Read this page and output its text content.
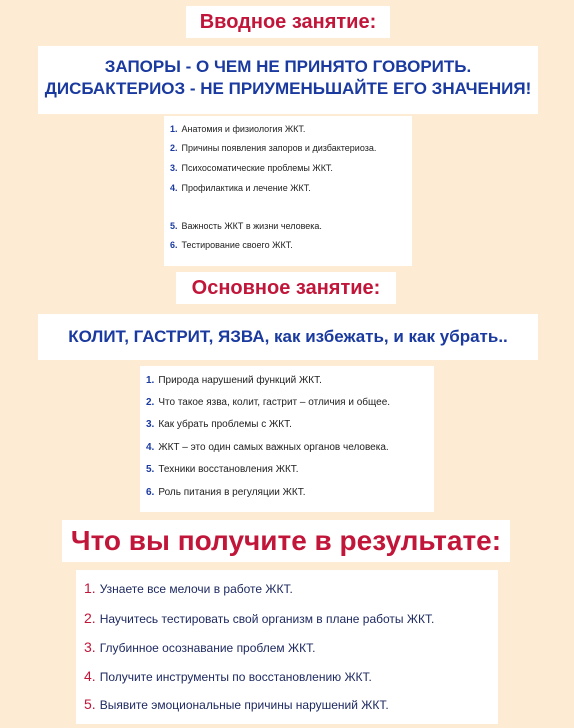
Вводное занятие:
ЗАПОРЫ - О ЧЕМ НЕ ПРИНЯТО ГОВОРИТЬ.
ДИСБАКТЕРИОЗ - НЕ ПРИУМЕНЬШАЙТЕ ЕГО ЗНАЧЕНИЯ!
1. Анатомия и физиология ЖКТ.
2. Причины появления запоров и дизбактериоза.
3. Психосоматические проблемы ЖКТ.
4. Профилактика и лечение ЖКТ.
5. Важность ЖКТ в жизни человека.
6. Тестирование своего ЖКТ.
Основное занятие:
КОЛИТ, ГАСТРИТ, ЯЗВА, как избежать, и как убрать..
1. Природа нарушений функций ЖКТ.
2. Что такое язва, колит, гастрит – отличия и общее.
3. Как убрать проблемы с ЖКТ.
4. ЖКТ – это один самых важных органов человека.
5. Техники восстановления ЖКТ.
6. Роль питания в регуляции ЖКТ.
Что вы получите в результате:
1. Узнаете все мелочи в работе ЖКТ.
2. Научитесь тестировать свой организм в плане работы ЖКТ.
3. Глубинное осознавание проблем ЖКТ.
4. Получите инструменты по восстановлению ЖКТ.
5. Выявите эмоциональные причины нарушений ЖКТ.
